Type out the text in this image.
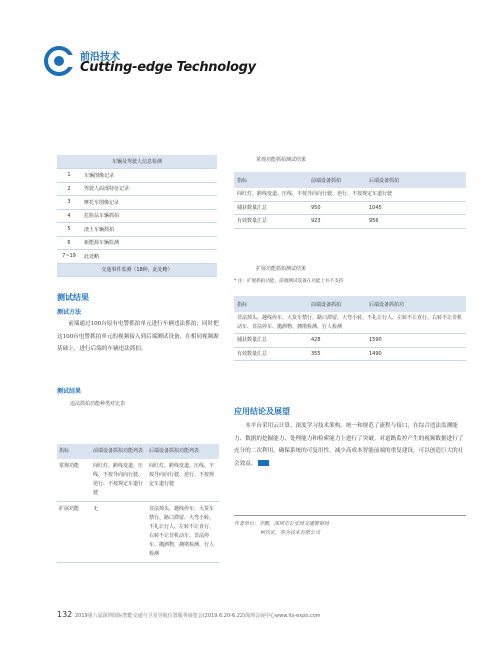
前沿技术
Cutting-edge Technology
车辆及驾驶人信息检测	
1	车辆图像记录
2	驾驶人面部特征记录
3	摩托车图像记录
4	危险品车辆抓拍
5	渣土车辆抓拍
6	新能源车辆监测
7~19	此处略
交通事件监测（18种，此处略）	
测试结果
测试方法
　　前端通过100台原有电警抓拍单元进行车辆违法抓拍；同时把这100台电警抓拍单元的视频接入到后端测试设备，在相同视频源基础上，进行后端的车辆违法抓拍。
测试结果
违法抓拍功能种类对比表
指标	前端设备抓拍功能列表	后端设备抓拍功能列表
常规功能	闯红灯、跨线变道、压线、不按导向向行驶、逆行、不按规定车道行驶	闯红灯、跨线变道、压线、不按导向向行驶、逆行、不按规定车道行驶
扩展功能	无	非法掉头、越线停车、大货车禁行、路口滞留、大弯小转、不礼让行人、左转不让直行、右转不让非机动车、非法停车、抛洒物、拥堵检测、行人检测
常规功能抓拍测试结果
指标	前端设备抓拍	后端设备抓拍
闯红灯、跨线变道、压线、不按导向向行驶、逆行、不按规定车道行驶		
捕获数量汇总	950	1045
有效数量汇总	923	956
扩展功能抓拍测试结果
* 注：扩展抓拍功能，前端测试设备在功能上并不支持
指标	前端设备抓拍	后端设备抓拍功
非法掉头、越线停车、大货车禁行、路口滞留、大弯小转、不礼让行人、左转不让直行、右转不让非机动车、非法停车、抛洒物、拥堵检测、行人检测		
捕获数量汇总	428	1590
有效数量汇总	355	1490
应用结论及展望
　　本平台采用云计算、深度学习技术架构，统一和规范了流程与接口，在综合违法监测能力、数据的挖掘能力、处理能力和检索能力上进行了突破。对道路监控产生的视频数据进行了充分的二次利用，确保系统的可复用性，减少高成本智能前端的重复建设，可以创造巨大的社会效益。
作者单位：李鹏，深圳市公安局交通警察局
柯均宏，华为技术有限公司
132 2019第八届深圳国际智能交通与卫星导航位置服务展览会(2019.6.20-6.22)深圳会展中心www.its-expo.com
